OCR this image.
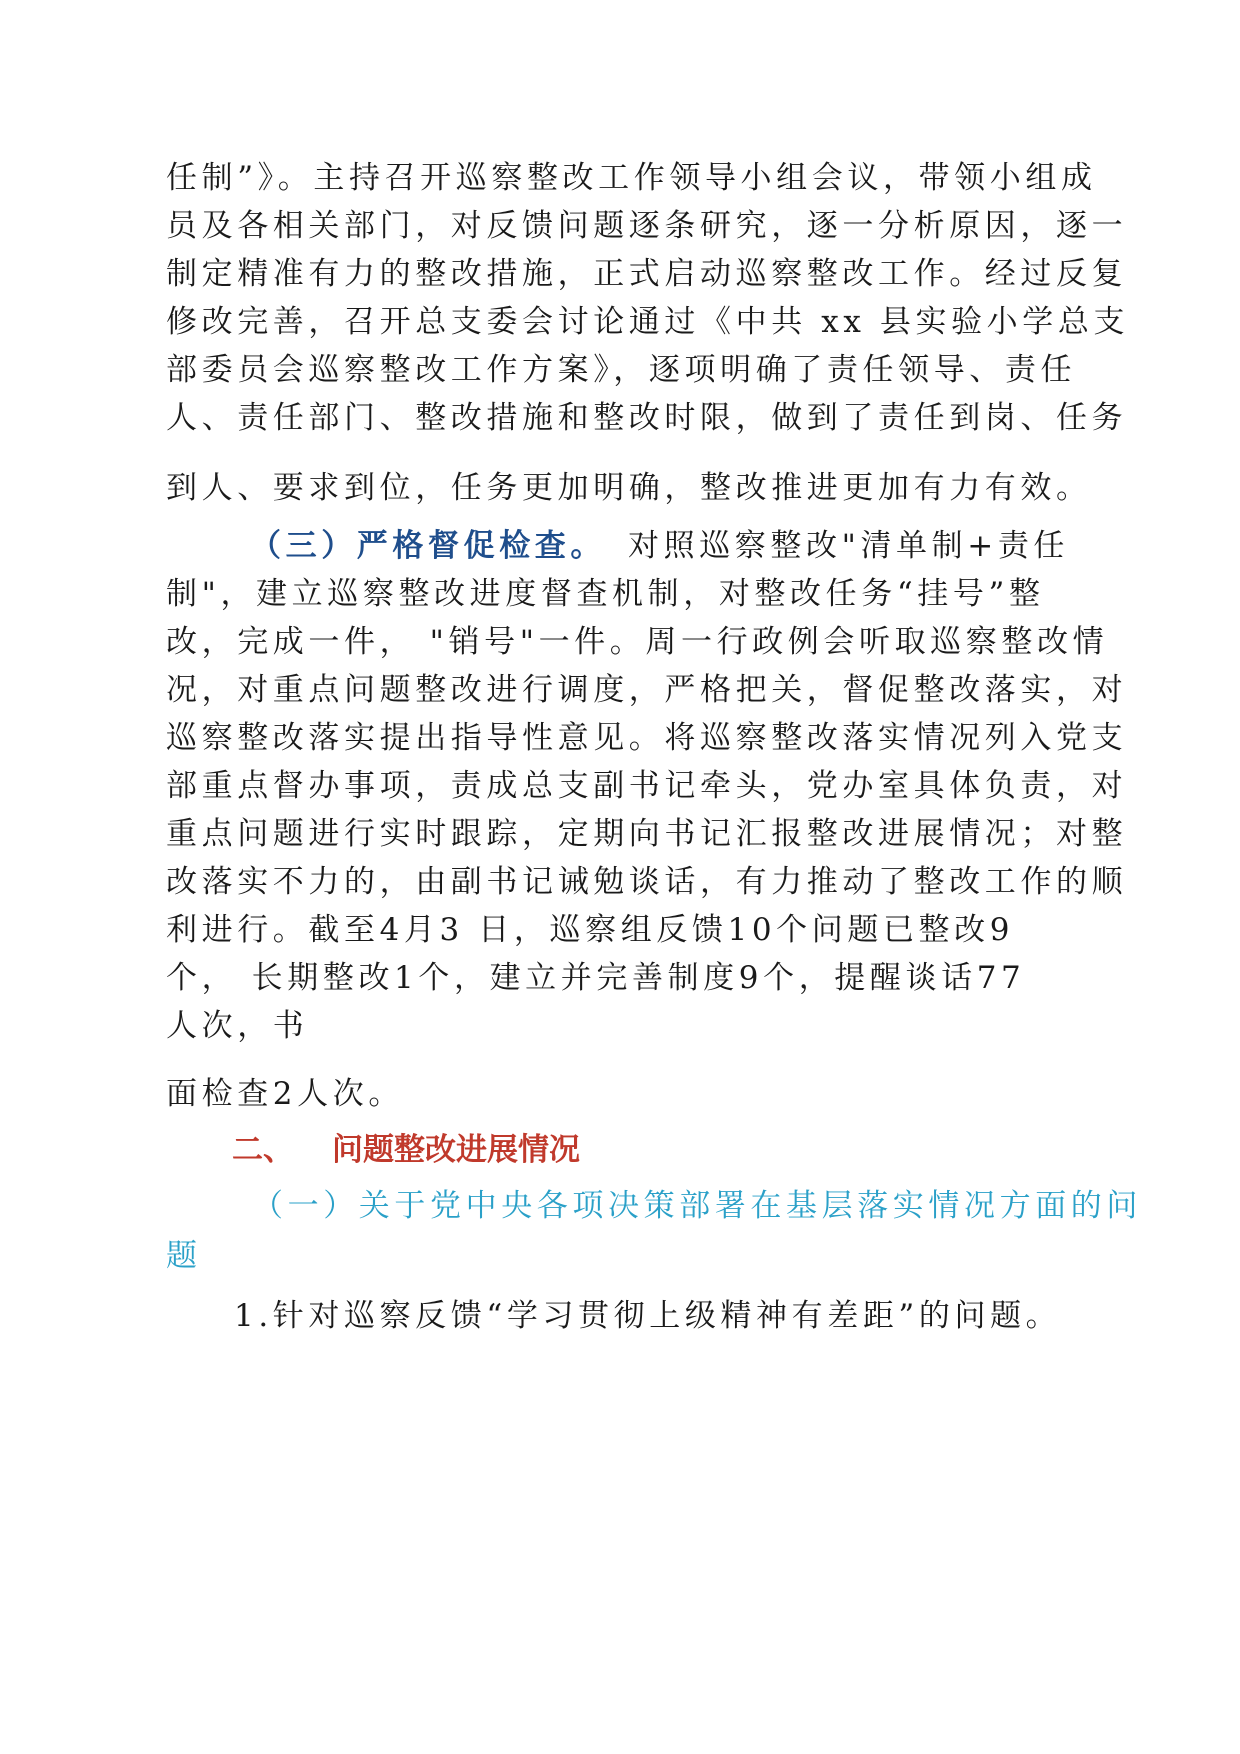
任制”》。主持召开巡察整改工作领导小组会议，带领小组成
员及各相关部门，对反馈问题逐条研究，逐一分析原因，逐一
制定精准有力的整改措施，正式启动巡察整改工作。经过反复
修改完善，召开总支委会讨论通过《中共 xx 县实验小学总支
部委员会巡察整改工作方案》，逐项明确了责任领导、责任
人、责任部门、整改措施和整改时限，做到了责任到岗、任务
到人、要求到位，任务更加明确，整改推进更加有力有效。
（三）严格督促检查。 对照巡察整改"清单制+责任
制"，建立巡察整改进度督查机制，对整改任务“挂号”整
改，完成一件， "销号"一件。周一行政例会听取巡察整改情
况，对重点问题整改进行调度，严格把关，督促整改落实，对
巡察整改落实提出指导性意见。将巡察整改落实情况列入党支
部重点督办事项，责成总支副书记牵头，党办室具体负责，对
重点问题进行实时跟踪，定期向书记汇报整改进展情况；对整
改落实不力的，由副书记诫勉谈话，有力推动了整改工作的顺
利进行。截至4月3 日，巡察组反馈10个问题已整改9
个， 长期整改1个，建立并完善制度9个，提醒谈话77
人次，书
面检查2人次。
二、 问题整改进展情况
（一）关于党中央各项决策部署在基层落实情况方面的问
题
1.针对巡察反馈“学习贯彻上级精神有差距”的问题。
